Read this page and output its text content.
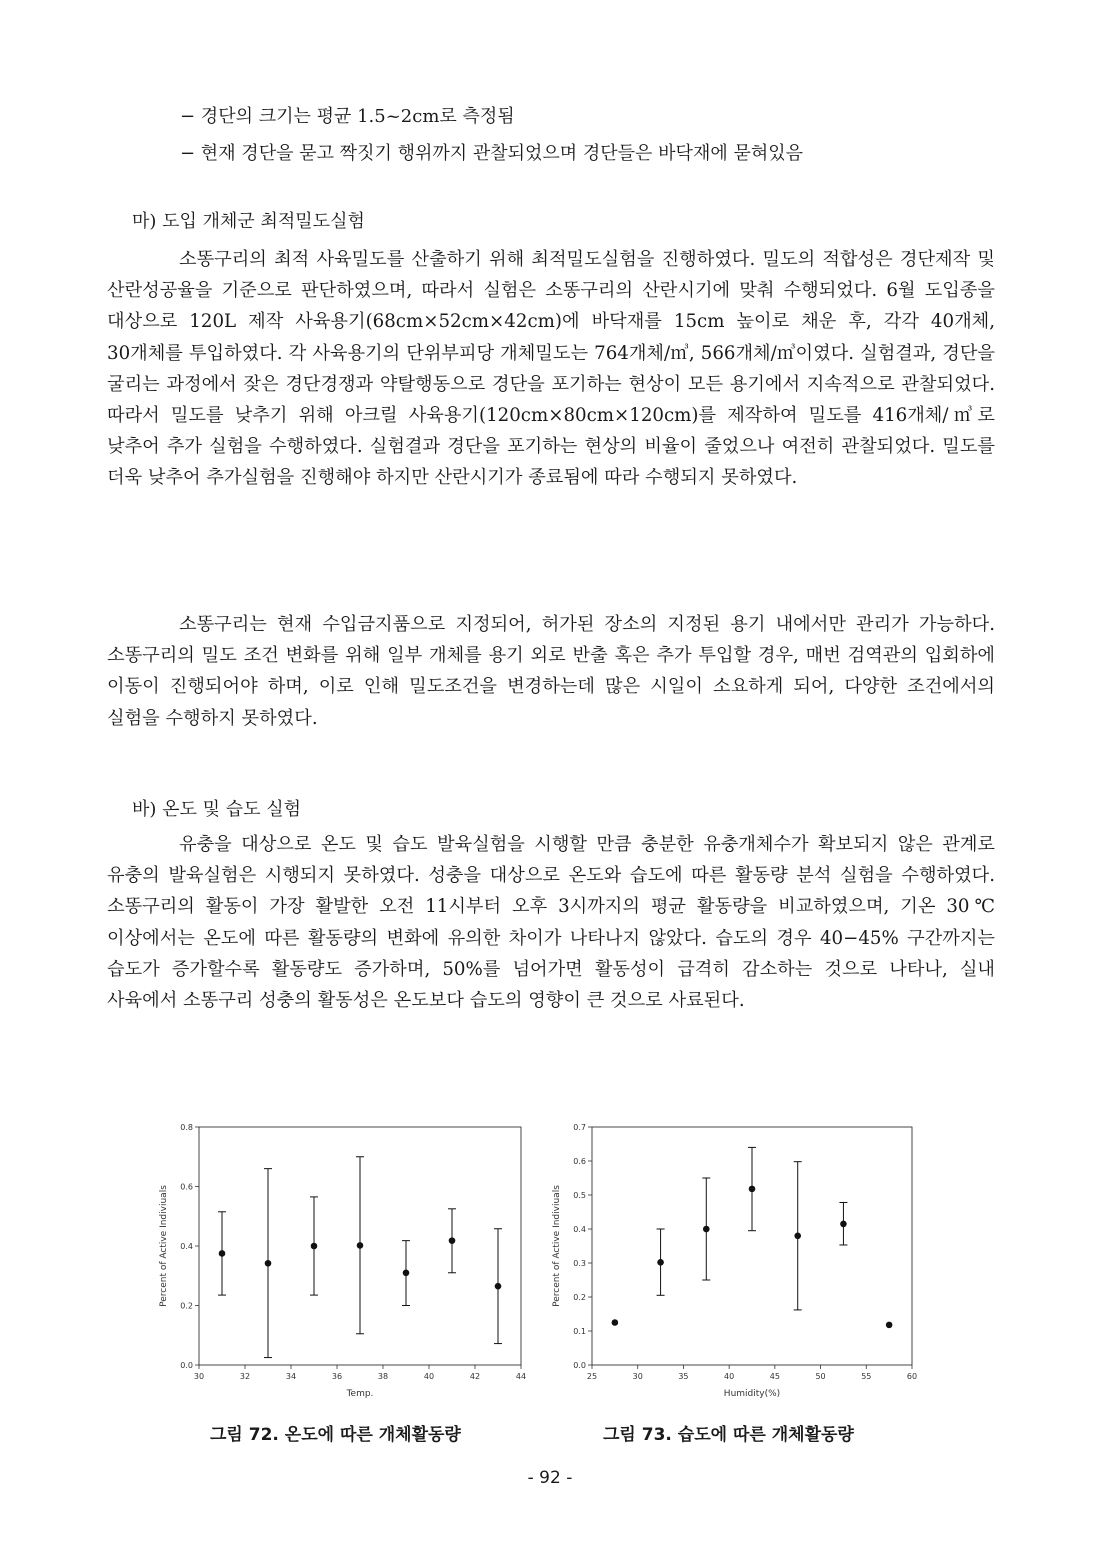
− 경단의 크기는 평균 1.5~2cm로 측정됨
− 현재 경단을 묻고 짝짓기 행위까지 관찰되었으며 경단들은 바닥재에 묻혀있음
마) 도입 개체군 최적밀도실험

소똥구리의 최적 사육밀도를 산출하기 위해 최적밀도실험을 진행하였다. 밀도의 적합성은 경단제작 및 산란성공율을 기준으로 판단하였으며, 따라서 실험은 소똥구리의 산란시기에 맞춰 수행되었다. 6월 도입종을 대상으로 120L 제작 사육용기(68cm×52cm×42cm)에 바닥재를 15cm 높이로 채운 후, 각각 40개체, 30개체를 투입하였다. 각 사육용기의 단위부피당 개체밀도는 764개체/㎥, 566개체/㎥이였다. 실험결과, 경단을 굴리는 과정에서 잦은 경단경쟁과 약탈행동으로 경단을 포기하는 현상이 모든 용기에서 지속적으로 관찰되었다. 따라서 밀도를 낮추기 위해 아크릴 사육용기(120cm×80cm×120cm)를 제작하여 밀도를 416개체/㎥로 낮추어 추가 실험을 수행하였다. 실험결과 경단을 포기하는 현상의 비율이 줄었으나 여전히 관찰되었다. 밀도를 더욱 낮추어 추가실험을 진행해야 하지만 산란시기가 종료됨에 따라 수행되지 못하였다.

소똥구리는 현재 수입금지품으로 지정되어, 허가된 장소의 지정된 용기 내에서만 관리가 가능하다. 소똥구리의 밀도 조건 변화를 위해 일부 개체를 용기 외로 반출 혹은 추가 투입할 경우, 매번 검역관의 입회하에 이동이 진행되어야 하며, 이로 인해 밀도조건을 변경하는데 많은 시일이 소요하게 되어, 다양한 조건에서의 실험을 수행하지 못하였다.

바) 온도 및 습도 실험

유충을 대상으로 온도 및 습도 발육실험을 시행할 만큼 충분한 유충개체수가 확보되지 않은 관계로 유충의 발육실험은 시행되지 못하였다. 성충을 대상으로 온도와 습도에 따른 활동량 분석 실험을 수행하였다. 소똥구리의 활동이 가장 활발한 오전 11시부터 오후 3시까지의 평균 활동량을 비교하였으며, 기온 30℃ 이상에서는 온도에 따른 활동량의 변화에 유의한 차이가 나타나지 않았다. 습도의 경우 40−45% 구간까지는 습도가 증가할수록 활동량도 증가하며, 50%를 넘어가면 활동성이 급격히 감소하는 것으로 나타나, 실내 사육에서 소똥구리 성충의 활동성은 온도보다 습도의 영향이 큰 것으로 사료된다.

30	32	34	36	38	40	42	44
0.0
0.2
0.4
0.6
0.8
Temp.
Percent of Active Indiviuals
25	30	35	40	45	50	55	60
0.0
0.1
0.2
0.3
0.4
0.5
0.6
0.7
Humidity(%)
Percent of Active Indiviuals
그림 72. 온도에 따른 개체활동량	그림 73. 습도에 따른 개체활동량
- 92 -
